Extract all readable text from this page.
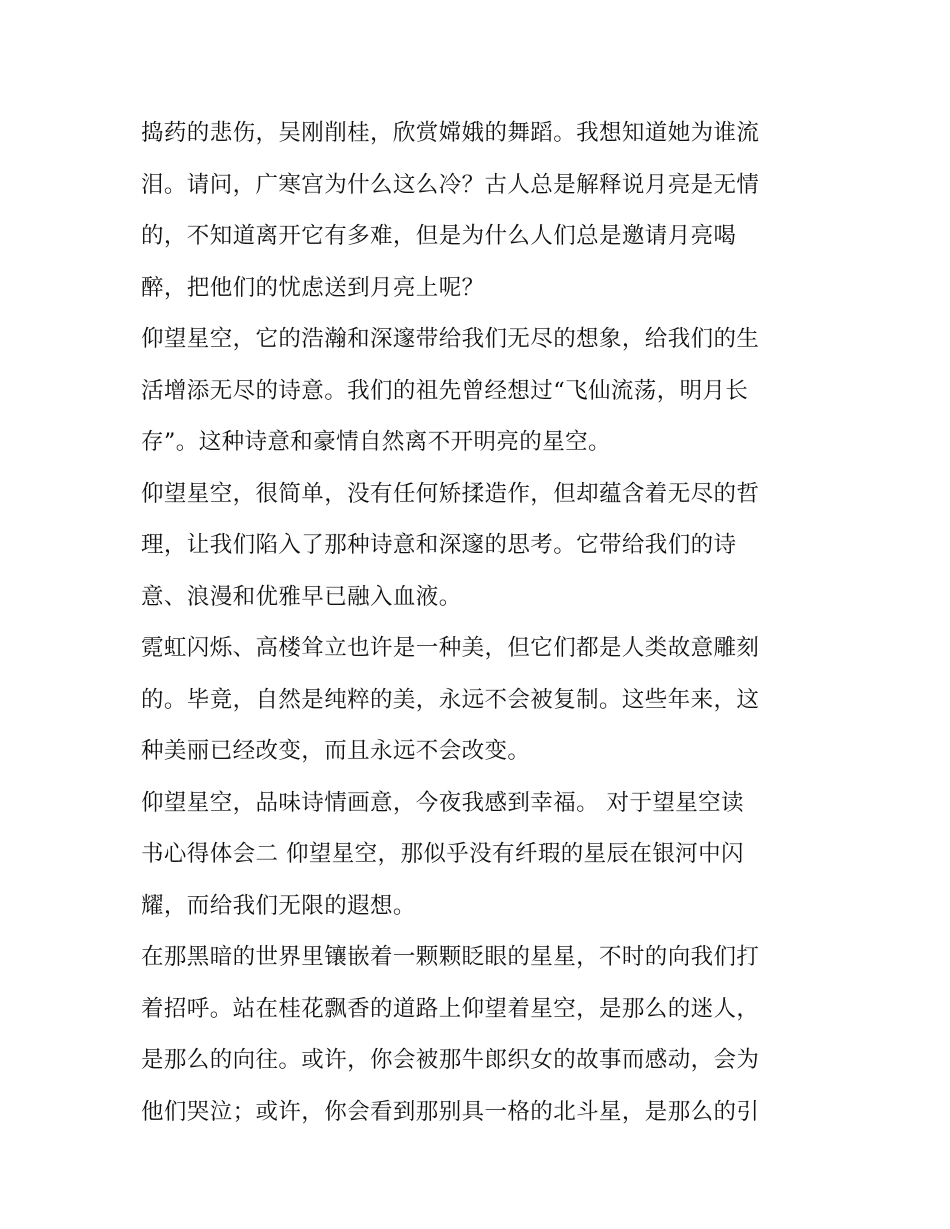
捣药的悲伤，吴刚削桂，欣赏嫦娥的舞蹈。我想知道她为谁流
泪。请问，广寒宫为什么这么冷？古人总是解释说月亮是无情
的，不知道离开它有多难，但是为什么人们总是邀请月亮喝
醉，把他们的忧虑送到月亮上呢？
仰望星空，它的浩瀚和深邃带给我们无尽的想象，给我们的生
活增添无尽的诗意。我们的祖先曾经想过“飞仙流荡，明月长
存”。这种诗意和豪情自然离不开明亮的星空。
仰望星空，很简单，没有任何矫揉造作，但却蕴含着无尽的哲
理，让我们陷入了那种诗意和深邃的思考。它带给我们的诗
意、浪漫和优雅早已融入血液。
霓虹闪烁、高楼耸立也许是一种美，但它们都是人类故意雕刻
的。毕竟，自然是纯粹的美，永远不会被复制。这些年来，这
种美丽已经改变，而且永远不会改变。
仰望星空，品味诗情画意，今夜我感到幸福。 对于望星空读
书心得体会二 仰望星空，那似乎没有纤瑕的星辰在银河中闪
耀，而给我们无限的遐想。
在那黑暗的世界里镶嵌着一颗颗眨眼的星星，不时的向我们打
着招呼。站在桂花飘香的道路上仰望着星空，是那么的迷人，
是那么的向往。或许，你会被那牛郎织女的故事而感动，会为
他们哭泣；或许，你会看到那别具一格的北斗星，是那么的引
